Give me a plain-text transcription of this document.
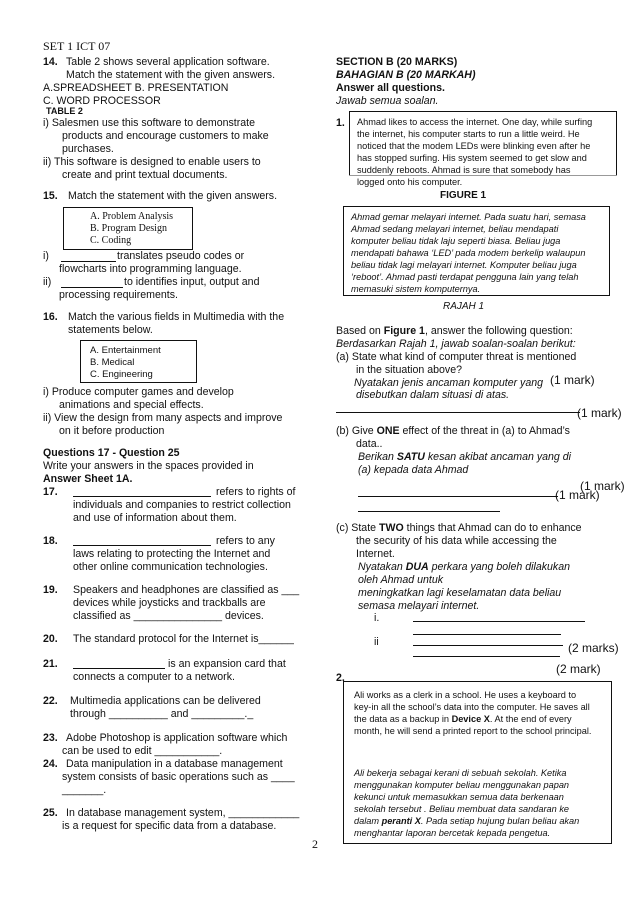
SET 1 ICT 07
14. Table 2 shows several application software.
Match the statement with the given answers.
A.SPREADSHEET B. PRESENTATION
C. WORD PROCESSOR
TABLE 2
i) Salesmen use this software to demonstrate
products and encourage customers to make
purchases.
ii) This software is designed to enable users to
create and print textual documents.
15. Match the statement with the given answers.
A. Problem Analysis
B. Program Design
C. Coding
i)	translates pseudo codes or
flowcharts into programming language.
ii)	to identifies input, output and
processing requirements.
16. Match the various fields in Multimedia with the
statements below.
A. Entertainment
B. Medical
C. Engineering
i) Produce computer games and develop
animations and special effects.
ii) View the design from many aspects and improve
on it before production
Questions 17 - Question 25
Write your answers in the spaces provided in
Answer Sheet 1A.
17.	refers to rights of
individuals and companies to restrict collection
and use of information about them.
18.	refers to any
laws relating to protecting the Internet and
other online communication technologies.
19. Speakers and headphones are classified as ___
devices while joysticks and trackballs are
classified as _______________ devices.
20. The standard protocol for the Internet is______
21.	is an expansion card that
connects a computer to a network.
22. Multimedia applications can be delivered
through __________ and _________._
23. Adobe Photoshop is application software which
can be used to edit ___________.
24. Data manipulation in a database management
system consists of basic operations such as ____
_______.
25. In database management system, ____________
is a request for specific data from a database.
2
SECTION B (20 MARKS)
BAHAGIAN B (20 MARKAH)
Answer all questions.
Jawab semua soalan.
1. Ahmad likes to access the internet. One day, while surfing

the internet, his computer starts to run a little weird. He

noticed that the modem LEDs were blinking even after he

has stopped surfing. His system seemed to get slow and

suddenly reboots. Ahmad is sure that somebody has

logged onto his computer.

FIGURE 1

Ahmad gemar melayari internet. Pada suatu hari, semasa

Ahmad sedang melayari internet, beliau mendapati

komputer beliau tidak laju seperti biasa. Beliau juga

mendapati bahawa ‘LED’ pada modem berkelip walaupun

beliau tidak lagi melayari internet. Komputer beliau juga

‘reboot’. Ahmad pasti terdapat pengguna lain yang telah

memasuki sistem komputernya.

RAJAH 1
Based on Figure 1, answer the following question:
Berdasarkan Rajah 1, jawab soalan-soalan berikut:
(a) State what kind of computer threat is mentioned
in the situation above?
Nyatakan jenis ancaman komputer yang (1 mark)
disebutkan dalam situasi di atas.
(1 mark)
(b) Give ONE effect of the threat in (a) to Ahmad’s
data..
Berikan SATU kesan akibat ancaman yang di
(a) kepada data Ahmad
(1 mark)
(1 mark)
(c) State TWO things that Ahmad can do to enhance
the security of his data while accessing the
Internet.
Nyatakan DUA perkara yang boleh dilakukan
oleh Ahmad untuk
meningkatkan lagi keselamatan data beliau
semasa melayari internet.
i.
ii	(2 marks)
(2 mark)
2.

Ali works as a clerk in a school. He uses a keyboard to

key-in all the school’s data into the computer. He saves all

the data as a backup in Device X. At the end of every

month, he will send a printed report to the school principal.

Ali bekerja sebagai kerani di sebuah sekolah. Ketika

menggunakan komputer beliau menggunakan papan

kekunci untuk memasukkan semua data berkenaan

sekolah tersebut . Beliau membuat data sandaran ke

dalam peranti X. Pada setiap hujung bulan beliau akan

menghantar laporan bercetak kepada pengetua.
